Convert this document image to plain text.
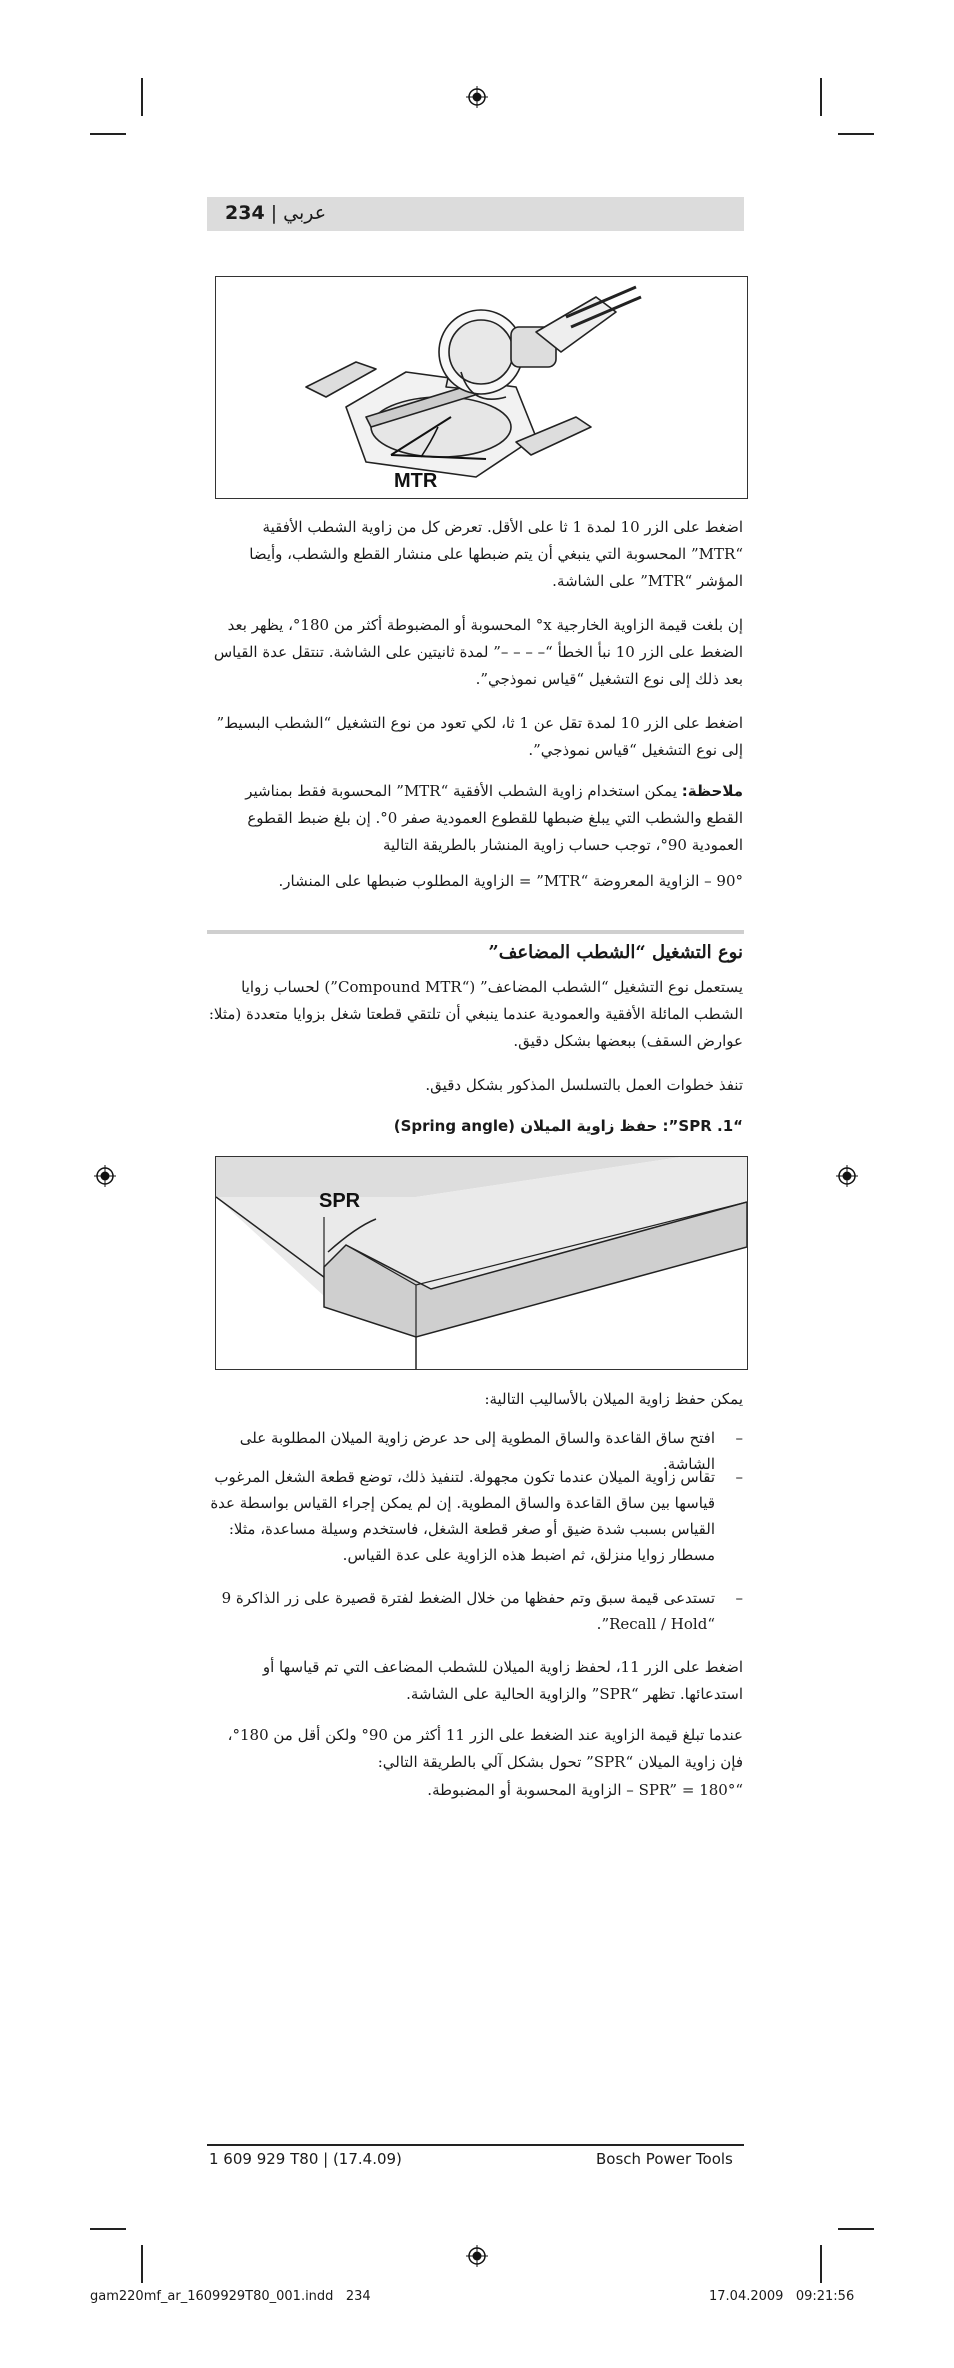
234 | عربي
MTR
اضغط على الزر 10 لمدة 1 ثا على الأقل. تعرض كل من زاوية الشطب الأفقية “MTR” المحسوبة التي ينبغي أن يتم ضبطها على منشار القطع والشطب، وأيضا المؤشر “MTR” على الشاشة.
إن بلغت قيمة الزاوية الخارجية x° المحسوبة أو المضبوطة أكثر من 180°، يظهر بعد الضغط على الزر 10 نبأ الخطأ “– – – –” لمدة ثانيتين على الشاشة. تنتقل عدة القياس بعد ذلك إلى نوع التشغيل “قياس نموذجي”.
اضغط على الزر 10 لمدة تقل عن 1 ثا، لكي تعود من نوع التشغيل “الشطب البسيط” إلى نوع التشغيل “قياس نموذجي”.
ملاحظة: يمكن استخدام زاوية الشطب الأفقية “MTR” المحسوبة فقط بمناشير القطع والشطب التي يبلغ ضبطها للقطوع العمودية صفر 0°. إن بلغ ضبط القطوع العمودية 90°، توجب حساب زاوية المنشار بالطريقة التالية
90° – الزاوية المعروضة “MTR” = الزاوية المطلوب ضبطها على المنشار.
نوع التشغيل “الشطب المضاعف”
يستعمل نوع التشغيل “الشطب المضاعف” (“Compound MTR”) لحساب زوايا الشطب المائلة الأفقية والعمودية عندما ينبغي أن تلتقي قطعتا شغل بزوايا متعددة (مثلا: عوارض السقف) ببعضها بشكل دقيق.
تنفذ خطوات العمل بالتسلسل المذكور بشكل دقيق.
“1. SPR”: حفظ زاوية الميلان (Spring angle)
SPR
يمكن حفظ زاوية الميلان بالأساليب التالية:
–
افتح ساق القاعدة والساق المطوية إلى حد عرض زاوية الميلان المطلوبة على الشاشة.
–
تقاس زاوية الميلان عندما تكون مجهولة. لتنفيذ ذلك، توضع قطعة الشغل المرغوب قياسها بين ساق القاعدة والساق المطوية. إن لم يمكن إجراء القياس بواسطة عدة القياس بسبب شدة ضيق أو صغر قطعة الشغل، فاستخدم وسيلة مساعدة، مثلا: مسطار زوايا منزلق، ثم اضبط هذه الزاوية على عدة القياس.
–
تستدعى قيمة سبق وتم حفظها من خلال الضغط لفترة قصيرة على زر الذاكرة 9 “Recall / Hold”.
اضغط على الزر 11، لحفظ زاوية الميلان للشطب المضاعف التي تم قياسها أو استدعائها. تظهر “SPR” والزاوية الحالية على الشاشة.
عندما تبلغ قيمة الزاوية عند الضغط على الزر 11 أكثر من 90° ولكن أقل من 180°، فإن زاوية الميلان “SPR” تحول بشكل آلي بالطريقة التالي:
“SPR” = 180° – الزاوية المحسوبة أو المضبوطة.
1 609 929 T80 | (17.4.09)	Bosch Power Tools
gam220mf_ar_1609929T80_001.indd   234	17.04.2009   09:21:56
